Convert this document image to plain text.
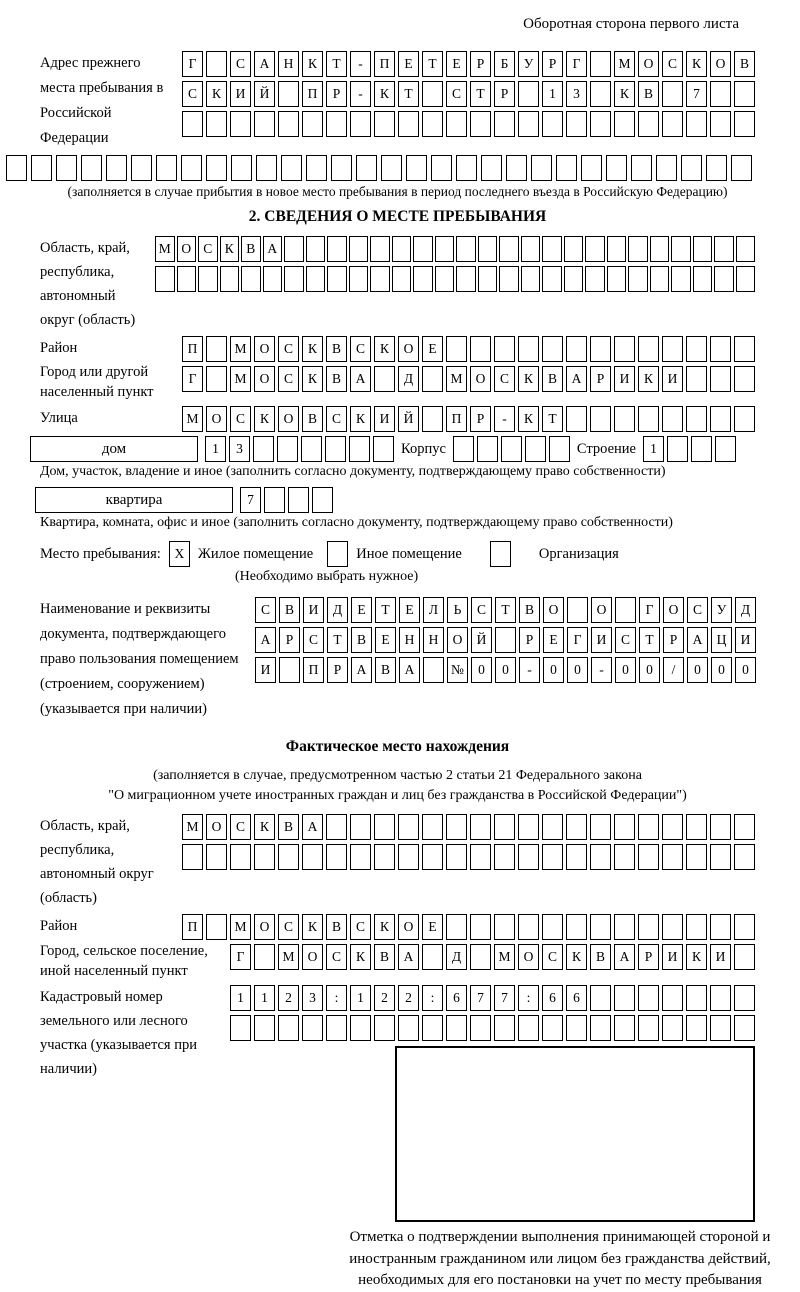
Оборотная сторона первого листа
Адрес прежнего места пребывания в Российской Федерации
Г	С	А	Н	К	Т	-	П	Е	Т	Е	Р	Б	У	Р	Г	М О	С	К	О	В
С	К	И	Й	П	Р	-	К	Т	С	Т	Р	1	3	К	В	7
(заполняется в случае прибытия в новое место пребывания в период последнего въезда в Российскую Федерацию)
2. СВЕДЕНИЯ О МЕСТЕ ПРЕБЫВАНИЯ
Область, край, республика, автономный округ (область)
М О С К В А
Район	П	М О	С	К	В	С	К	О	Е
Город или другой населенный пункт
Г	М О	С	К	В	А	Д	М О	С	К	В	А	Р	И	К	И
Улица	М О	С	К	О	В	С	К	И	Й	П	Р	-	К	Т
дом	1	3	Корпус	Строение	1
Дом, участок, владение и иное (заполнить согласно документу, подтверждающему право собственности)
квартира	7
Квартира, комната, офис и иное (заполнить согласно документу, подтверждающему право собственности)
Место пребывания:	X Жилое помещение	Иное помещение	Организация
(Необходимо выбрать нужное)
Наименование и реквизиты документа, подтверждающего право пользования помещением (строением, сооружением) (указывается при наличии)
С	В	И	Д	Е	Т	Е	Л	Ь	С	Т	В	О	О	Г	О	С	У	Д
А	Р	С	Т	В	Е	Н	Н	О	Й	Р	Е	Г	И	С	Т	Р	А	Ц	И
И	П	Р	А	В	А	№	0	0	-	0	0	-	0	0	/	0	0	0
Фактическое место нахождения
(заполняется в случае, предусмотренном частью 2 статьи 21 Федерального закона
"О миграционном учете иностранных граждан и лиц без гражданства в Российской Федерации")
Область, край, республика, автономный округ (область)
М О	С	К	В	А
Район	П	М О	С	К	В	С	К	О	Е
Город, сельское поселение, иной населенный пункт
Г	М О	С	К	В	А	Д	М О	С	К	В	А	Р	И	К	И
Кадастровый номер земельного или лесного участка (указывается при наличии)
1	1	2	3	:	1	2	2	:	6	7	7	:	6	6
Отметка о подтверждении выполнения принимающей стороной и иностранным гражданином или лицом без гражданства действий, необходимых для его постановки на учет по месту пребывания
